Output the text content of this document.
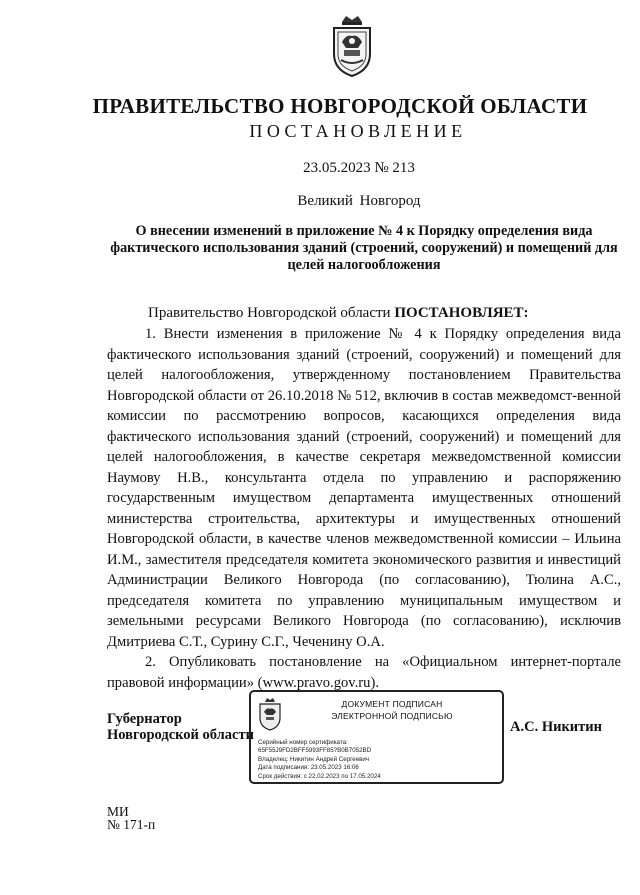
ПРАВИТЕЛЬСТВО НОВГОРОДСКОЙ ОБЛАСТИ
ПОСТАНОВЛЕНИЕ
23.05.2023 № 213
Великий Новгород
О внесении изменений в приложение № 4 к Порядку определения вида фактического использования зданий (строений, сооружений) и помещений для целей налогообложения
Правительство Новгородской области ПОСТАНОВЛЯЕТ:

1. Внести изменения в приложение № 4 к Порядку определения вида фактического использования зданий (строений, сооружений) и помещений для целей налогообложения, утвержденному постановлением Правительства Новгородской области от 26.10.2018 № 512, включив в состав межведомст-венной комиссии по рассмотрению вопросов, касающихся определения вида фактического использования зданий (строений, сооружений) и помещений для целей налогообложения, в качестве секретаря межведомственной комиссии Наумову Н.В., консультанта отдела по управлению и распоряжению государственным имуществом департамента имущественных отношений министерства строительства, архитектуры и имущественных отношений Новгородской области, в качестве членов межведомственной комиссии – Ильина И.М., заместителя председателя комитета экономического развития и инвестиций Администрации Великого Новгорода (по согласованию), Тюлина А.С., председателя комитета по управлению муниципальным имуществом и земельными ресурсами Великого Новгорода (по согласованию), исключив Дмитриева С.Т., Сурину С.Г., Чеченину О.А.

2. Опубликовать постановление на «Официальном интернет-портале правовой информации» (www.pravo.gov.ru).

Губернатор
Новгородской области
ДОКУМЕНТ ПОДПИСАН
ЭЛЕКТРОННОЙ ПОДПИСЬЮ
Серийный номер сертификата:
65F55J9FD2BFF5993FF85?B0B7052BD
Владелец: Никитин Андрей Сергеевич
Дата подписания: 23.05.2023 16:06
Срок действия: с 22.02.2023 по 17.05.2024
А.С. Никитин
МИ
№ 171-п
